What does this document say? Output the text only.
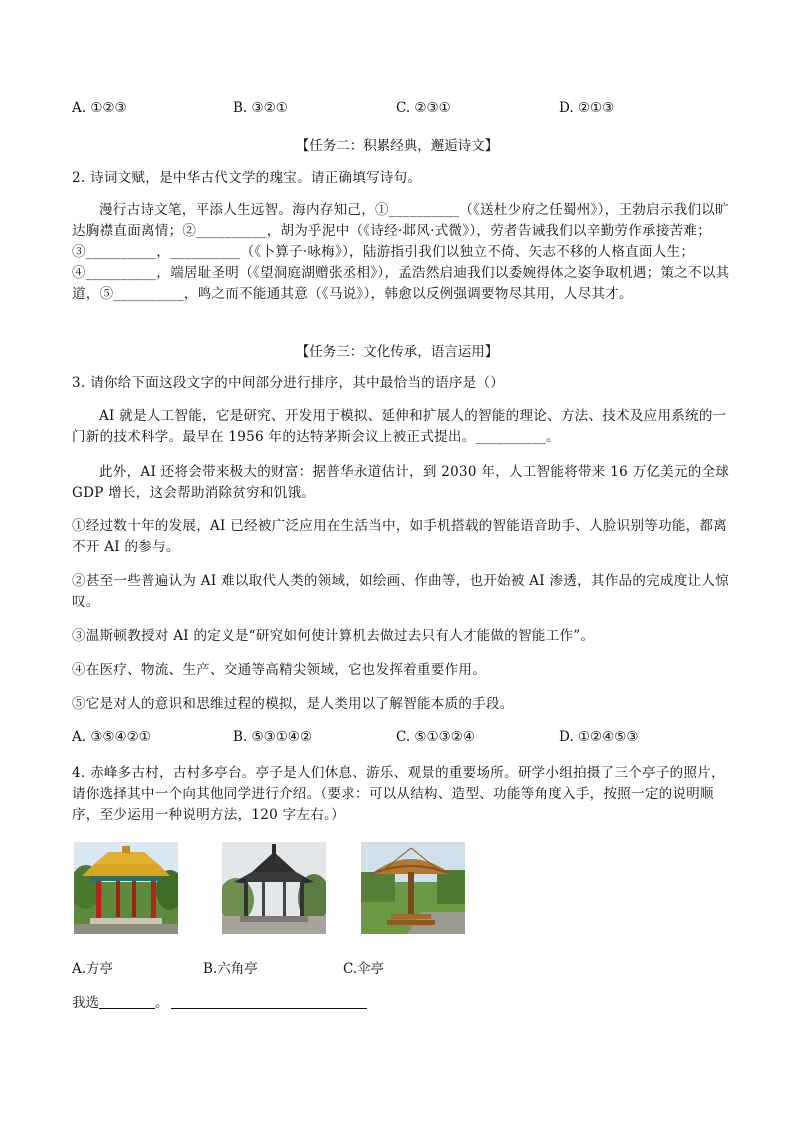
A. ①②③	B. ③②①	C. ②③①	D. ②①③
【任务二：积累经典，邂逅诗文】
2. 诗词文赋，是中华古代文学的瑰宝。请正确填写诗句。
漫行古诗文笔，平添人生远智。海内存知己，①__________（《送杜少府之任蜀州》），王勃启示我们以旷达胸襟直面离情；②__________，胡为乎泥中（《诗经·邶风·式微》），劳者告诫我们以辛勤劳作承接苦难；③__________，__________（《卜算子·咏梅》），陆游指引我们以独立不倚、矢志不移的人格直面人生；④__________，端居耻圣明（《望洞庭湖赠张丞相》），孟浩然启迪我们以委婉得体之姿争取机遇；策之不以其道，⑤__________，鸣之而不能通其意（《马说》），韩愈以反例强调要物尽其用，人尽其才。
【任务三：文化传承，语言运用】
3. 请你给下面这段文字的中间部分进行排序，其中最恰当的语序是（）
AI 就是人工智能，它是研究、开发用于模拟、延伸和扩展人的智能的理论、方法、技术及应用系统的一门新的技术科学。最早在 1956 年的达特茅斯会议上被正式提出。__________。
此外，AI 还将会带来极大的财富：据普华永道估计，到 2030 年，人工智能将带来 16 万亿美元的全球 GDP 增长，这会帮助消除贫穷和饥饿。
①经过数十年的发展，AI 已经被广泛应用在生活当中，如手机搭载的智能语音助手、人脸识别等功能，都离不开 AI 的参与。
②甚至一些普遍认为 AI 难以取代人类的领域，如绘画、作曲等，也开始被 AI 渗透，其作品的完成度让人惊叹。
③温斯顿教授对 AI 的定义是“研究如何使计算机去做过去只有人才能做的智能工作”。
④在医疗、物流、生产、交通等高精尖领域，它也发挥着重要作用。
⑤它是对人的意识和思维过程的模拟，是人类用以了解智能本质的手段。
A. ③⑤④②①	B. ⑤③①④②	C. ⑤①③②④	D. ①②④⑤③
4. 赤峰多古村，古村多亭台。亭子是人们休息、游乐、观景的重要场所。研学小组拍摄了三个亭子的照片，请你选择其中一个向其他同学进行介绍。（要求：可以从结构、造型、功能等角度入手，按照一定的说明顺序，至少运用一种说明方法，120 字左右。）
A.方亭	B.六角亭	C.伞亭
我选	。
